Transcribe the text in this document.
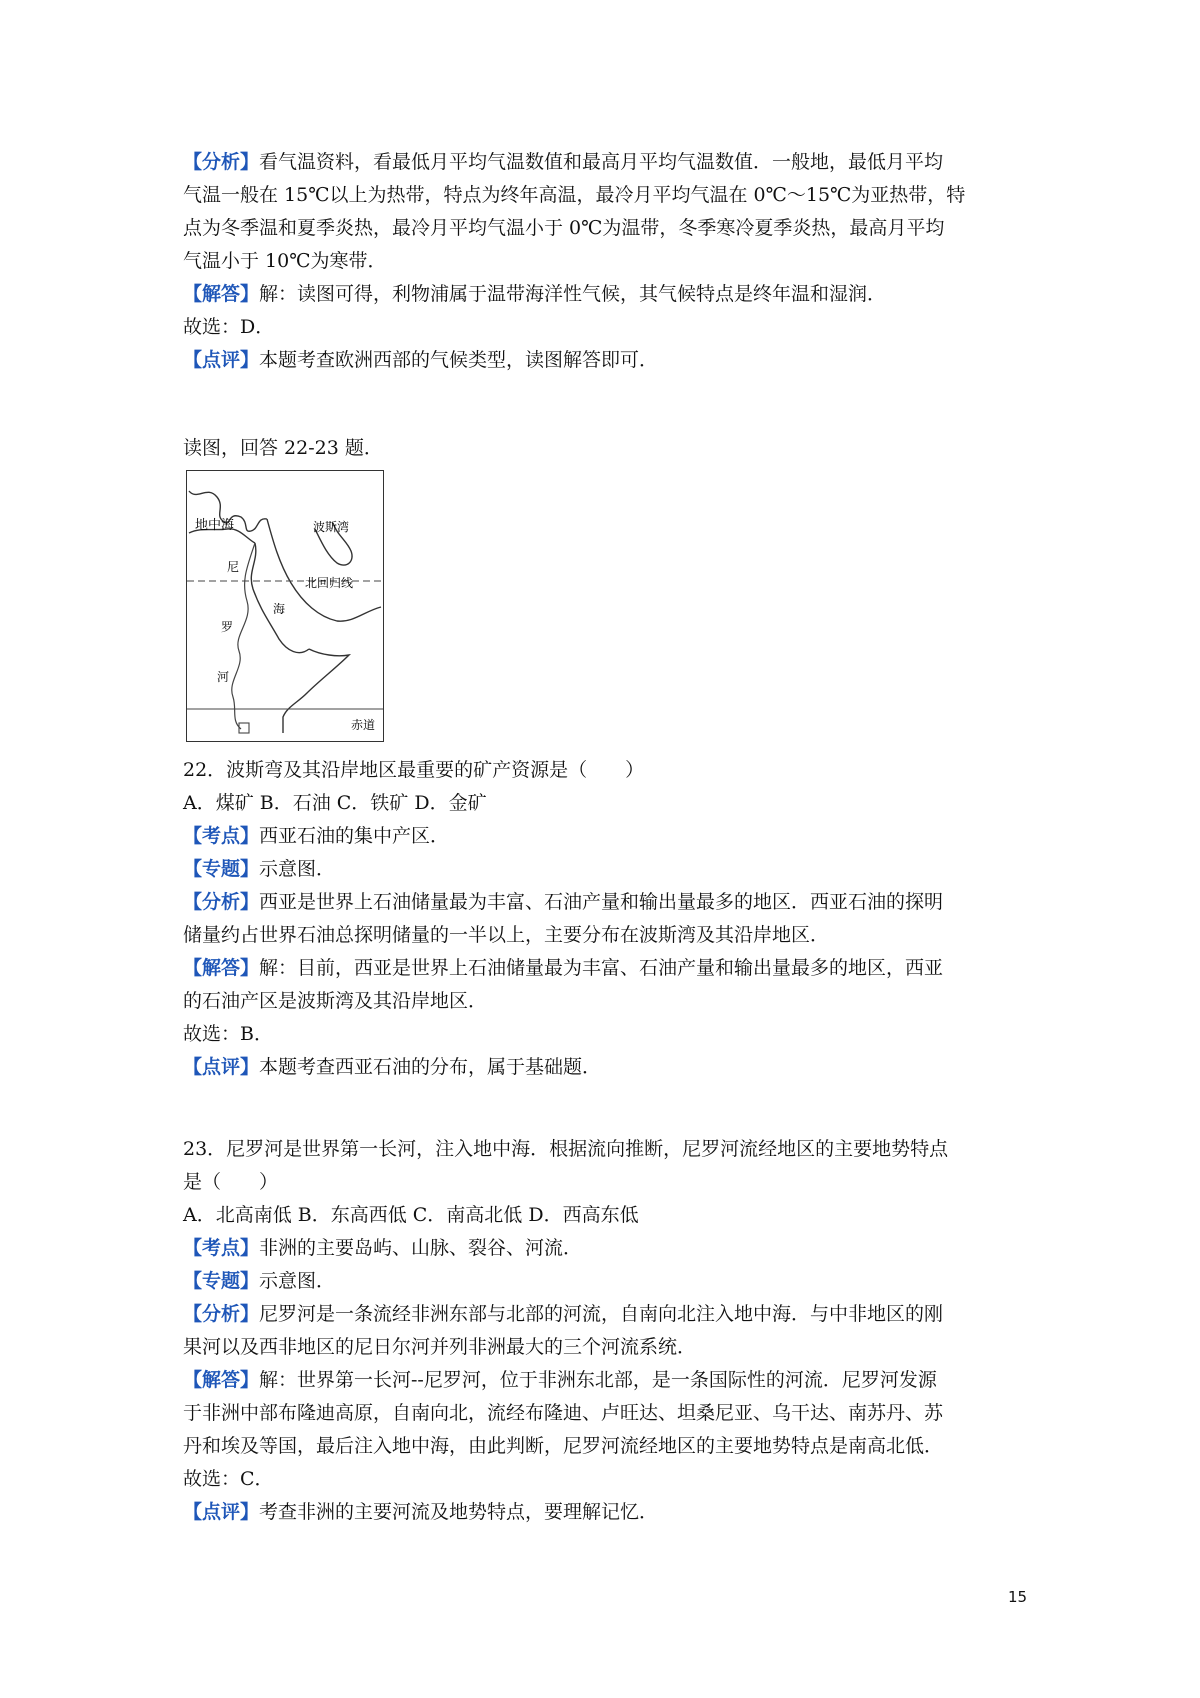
【分析】看气温资料，看最低月平均气温数值和最高月平均气温数值．一般地，最低月平均
气温一般在 15℃以上为热带，特点为终年高温，最冷月平均气温在 0℃～15℃为亚热带，特
点为冬季温和夏季炎热，最冷月平均气温小于 0℃为温带，冬季寒冷夏季炎热，最高月平均
气温小于 10℃为寒带．
【解答】解：读图可得，利物浦属于温带海洋性气候，其气候特点是终年温和湿润．
故选：D．
【点评】本题考查欧洲西部的气候类型，读图解答即可．
读图，回答 22-23 题．
地中海	波斯湾
北回归线
尼
海
罗
河
赤道
22．波斯弯及其沿岸地区最重要的矿产资源是（　　）
A．煤矿 B．石油 C．铁矿 D．金矿
【考点】西亚石油的集中产区．
【专题】示意图．
【分析】西亚是世界上石油储量最为丰富、石油产量和输出量最多的地区．西亚石油的探明
储量约占世界石油总探明储量的一半以上，主要分布在波斯湾及其沿岸地区．
【解答】解：目前，西亚是世界上石油储量最为丰富、石油产量和输出量最多的地区，西亚
的石油产区是波斯湾及其沿岸地区．
故选：B．
【点评】本题考查西亚石油的分布，属于基础题．
23．尼罗河是世界第一长河，注入地中海．根据流向推断，尼罗河流经地区的主要地势特点
是（　　）
A．北高南低 B．东高西低 C．南高北低 D．西高东低
【考点】非洲的主要岛屿、山脉、裂谷、河流．
【专题】示意图．
【分析】尼罗河是一条流经非洲东部与北部的河流，自南向北注入地中海．与中非地区的刚
果河以及西非地区的尼日尔河并列非洲最大的三个河流系统．
【解答】解：世界第一长河--尼罗河，位于非洲东北部，是一条国际性的河流．尼罗河发源
于非洲中部布隆迪高原，自南向北，流经布隆迪、卢旺达、坦桑尼亚、乌干达、南苏丹、苏
丹和埃及等国，最后注入地中海，由此判断，尼罗河流经地区的主要地势特点是南高北低．
故选：C．
【点评】考查非洲的主要河流及地势特点，要理解记忆．
15
